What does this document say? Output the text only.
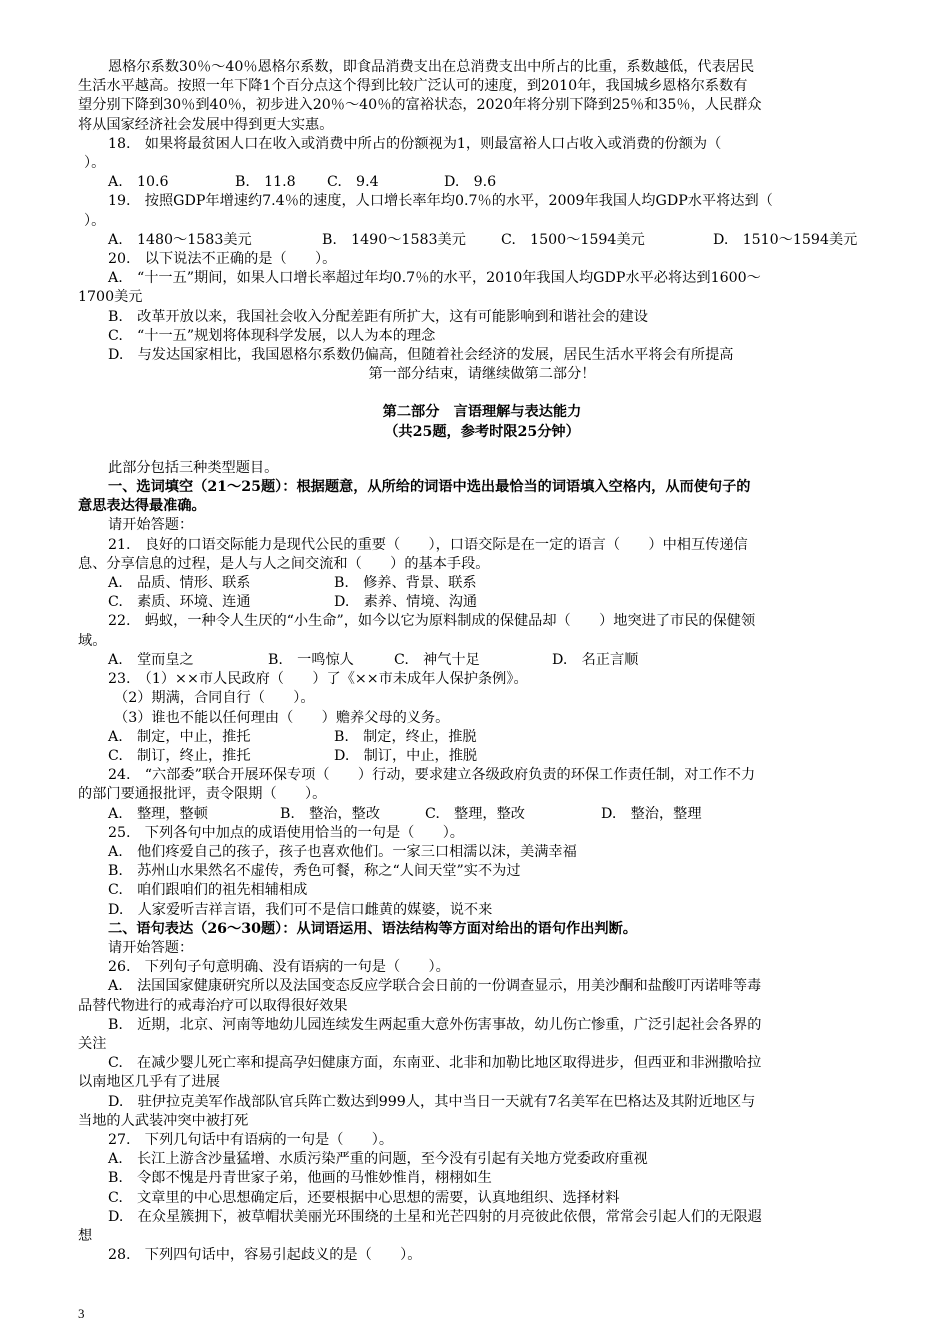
恩格尔系数30％～40％恩格尔系数，即食品消费支出在总消费支出中所占的比重，系数越低，代表居民
生活水平越高。按照一年下降1个百分点这个得到比较广泛认可的速度，到2010年，我国城乡恩格尔系数有
望分别下降到30％到40％，初步进入20％～40％的富裕状态，2020年将分别下降到25％和35％，人民群众
将从国家经济社会发展中得到更大实惠。
18.　如果将最贫困人口在收入或消费中所占的份额视为1，则最富裕人口占收入或消费的份额为（
）。
A.　10.6	B.　11.8 C.　9.4	D.　9.6
19.　按照GDP年增速约7.4％的速度，人口增长率年均0.7％的水平，2009年我国人均GDP水平将达到（
）。
A.　1480～1583美元	B.　1490～1583美元 C.　1500～1594美元	D.　1510～1594美元
20.　以下说法不正确的是（　　）。
A.　“十一五”期间，如果人口增长率超过年均0.7％的水平，2010年我国人均GDP水平必将达到1600～
1700美元
B.　改革开放以来，我国社会收入分配差距有所扩大，这有可能影响到和谐社会的建设
C.　“十一五”规划将体现科学发展，以人为本的理念
D.　与发达国家相比，我国恩格尔系数仍偏高，但随着社会经济的发展，居民生活水平将会有所提高
第一部分结束，请继续做第二部分！
第二部分　言语理解与表达能力
（共25题，参考时限25分钟）
此部分包括三种类型题目。
一、选词填空（21～25题）：根据题意，从所给的词语中选出最恰当的词语填入空格内，从而使句子的
意思表达得最准确。
请开始答题：
21.　良好的口语交际能力是现代公民的重要（　　），口语交际是在一定的语言（　　）中相互传递信
息、分享信息的过程，是人与人之间交流和（　　）的基本手段。
A.　品质、情形、联系	B.　修养、背景、联系
C.　素质、环境、连通	D.　素养、情境、沟通
22.　蚂蚁，一种令人生厌的“小生命”，如今以它为原料制成的保健品却（　　）地突进了市民的保健领
域。
A.　堂而皇之	B.　一鸣惊人	C.　神气十足	D.　名正言顺
23.　（1）××市人民政府（　　）了《××市未成年人保护条例》。
（2）期满，合同自行（　　）。
（3）谁也不能以任何理由（　　）赡养父母的义务。
A.　制定，中止，推托	B.　制定，终止，推脱
C.　制订，终止，推托	D.　制订，中止，推脱
24.　“六部委”联合开展环保专项（　　）行动，要求建立各级政府负责的环保工作责任制，对工作不力
的部门要通报批评，责令限期（　　）。
A.　整理，整顿	B.　整治，整改	C.　整理，整改	D.　整治，整理
25.　下列各句中加点的成语使用恰当的一句是（　　）。
A.　他们疼爱自己的孩子，孩子也喜欢他们。一家三口相濡以沫，美满幸福
B.　苏州山水果然名不虚传，秀色可餐，称之“人间天堂”实不为过
C.　咱们跟咱们的祖先相辅相成
D.　人家爱听吉祥言语，我们可不是信口雌黄的媒婆，说不来
二、语句表达（26～30题）：从词语运用、语法结构等方面对给出的语句作出判断。
请开始答题：
26.　下列句子句意明确、没有语病的一句是（　　）。
A.　法国国家健康研究所以及法国变态反应学联合会日前的一份调查显示，用美沙酮和盐酸叮丙诺啡等毒
品替代物进行的戒毒治疗可以取得很好效果
B.　近期，北京、河南等地幼儿园连续发生两起重大意外伤害事故，幼儿伤亡惨重，广泛引起社会各界的
关注
C.　在减少婴儿死亡率和提高孕妇健康方面，东南亚、北非和加勒比地区取得进步，但西亚和非洲撒哈拉
以南地区几乎有了进展
D.　驻伊拉克美军作战部队官兵阵亡数达到999人，其中当日一天就有7名美军在巴格达及其附近地区与
当地的人武装冲突中被打死
27.　下列几句话中有语病的一句是（　　）。
A.　长江上游含沙量猛增、水质污染严重的问题，至今没有引起有关地方党委政府重视
B.　令郎不愧是丹青世家子弟，他画的马惟妙惟肖，栩栩如生
C.　文章里的中心思想确定后，还要根据中心思想的需要，认真地组织、选择材料
D.　在众星簇拥下，被草帽状美丽光环围绕的土星和光芒四射的月亮彼此依偎，常常会引起人们的无限遐
想
28.　下列四句话中，容易引起歧义的是（　　）。
3
